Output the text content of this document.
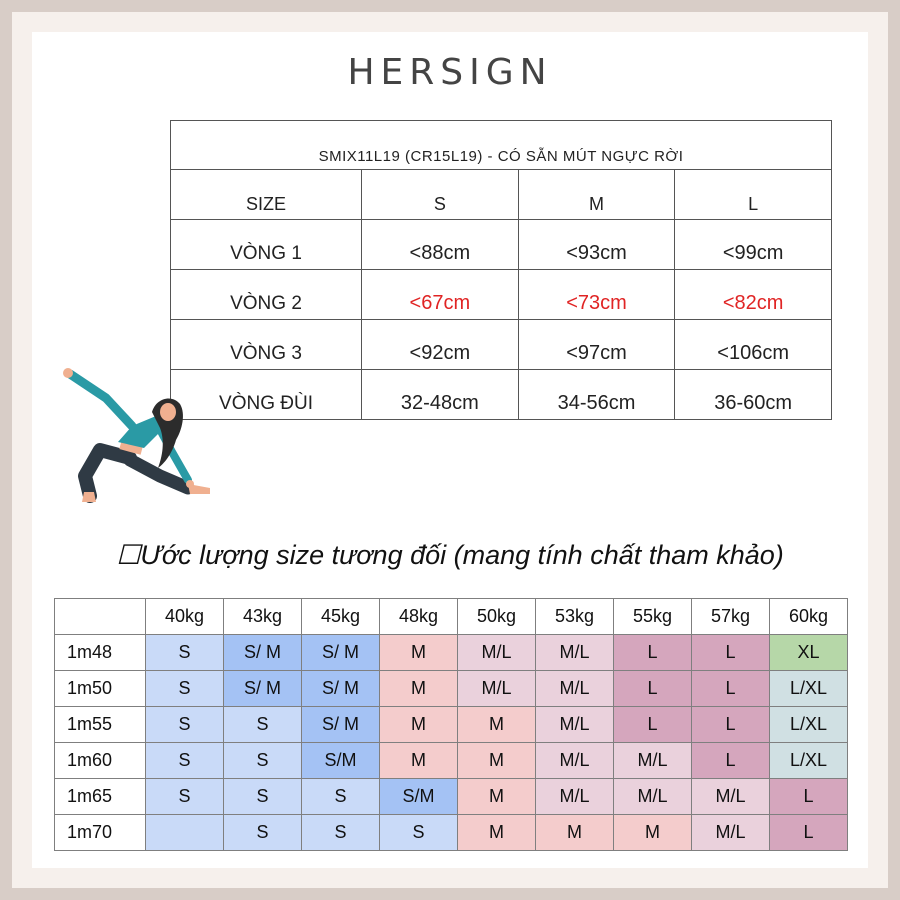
HERSIGN
SMIX11L19 (CR15L19) - CÓ SẴN MÚT NGỰC RỜI			
SIZE	S	M	L
VÒNG 1	<88cm	<93cm	<99cm
VÒNG 2	<67cm	<73cm	<82cm
VÒNG 3	<92cm	<97cm	<106cm
VÒNG ĐÙI	32-48cm	34-56cm	36-60cm
☐Ước lượng size tương đối (mang tính chất tham khảo)
	40kg	43kg	45kg	48kg	50kg	53kg	55kg	57kg	60kg
1m48	S	S/ M	S/ M	M	M/L	M/L	L	L	XL
1m50	S	S/ M	S/ M	M	M/L	M/L	L	L	L/XL
1m55	S	S	S/ M	M	M	M/L	L	L	L/XL
1m60	S	S	S/M	M	M	M/L	M/L	L	L/XL
1m65	S	S	S	S/M	M	M/L	M/L	M/L	L
1m70		S	S	S	M	M	M	M/L	L
